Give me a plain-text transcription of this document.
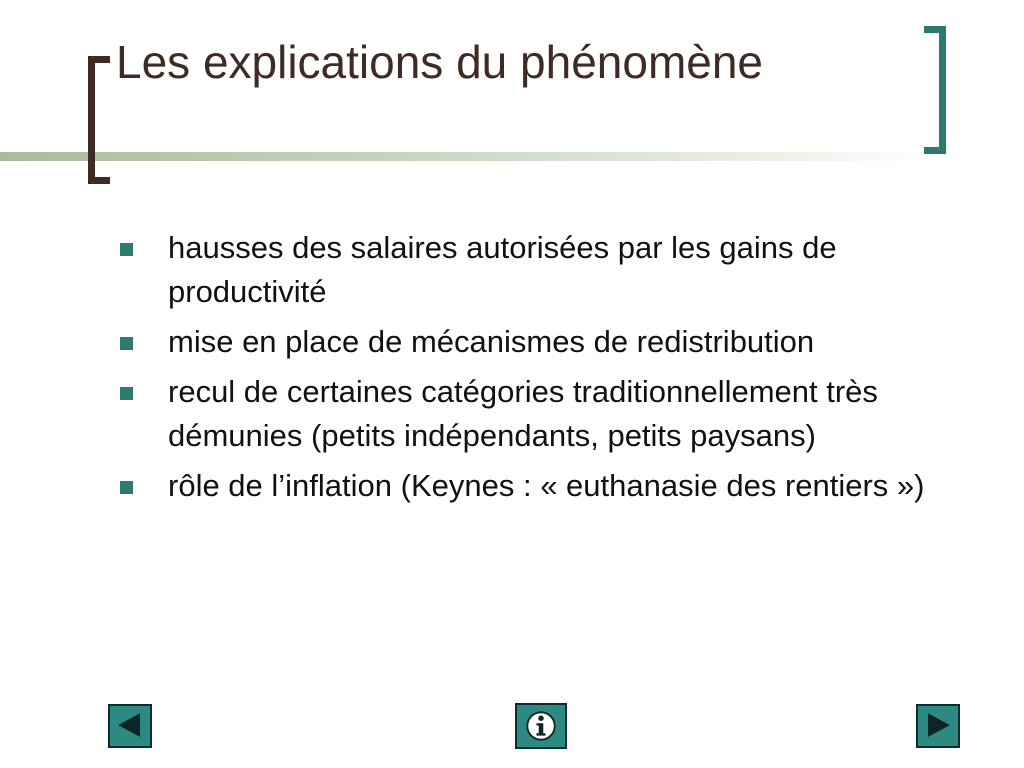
Les explications du phénomène
hausses des salaires autorisées par les gains de productivité
mise en place de mécanismes de redistribution
recul de certaines catégories traditionnellement très démunies (petits indépendants, petits paysans)
rôle de l’inflation (Keynes : « euthanasie des rentiers »)
